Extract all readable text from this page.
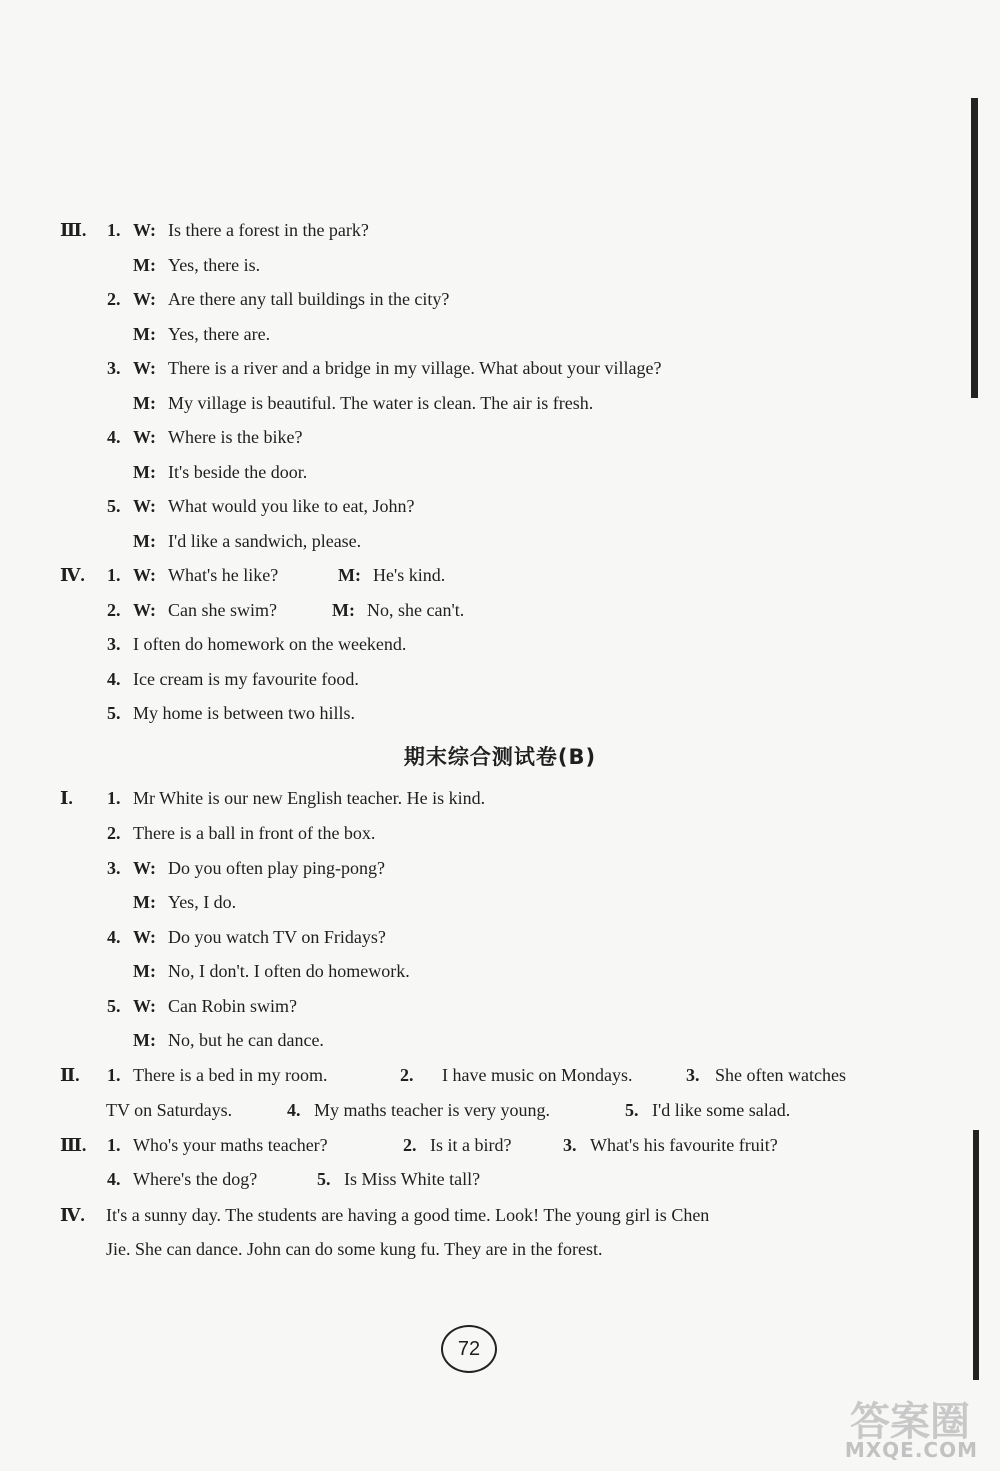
Ⅲ. 1. W: Is there a forest in the park?
M: Yes, there is.
2. W: Are there any tall buildings in the city?
M: Yes, there are.
3. W: There is a river and a bridge in my village. What about your village?
M: My village is beautiful. The water is clean. The air is fresh.
4. W: Where is the bike?
M: It's beside the door.
5. W: What would you like to eat, John?
M: I'd like a sandwich, please.
Ⅳ. 1. W: What's he like?	M: He's kind.
2. W: Can she swim?	M: No, she can't.
3. I often do homework on the weekend.
4. Ice cream is my favourite food.
5. My home is between two hills.
期末综合测试卷(B)
Ⅰ. 1. Mr White is our new English teacher. He is kind.
2. There is a ball in front of the box.
3. W: Do you often play ping-pong?
M: Yes, I do.
4. W: Do you watch TV on Fridays?
M: No, I don't. I often do homework.
5. W: Can Robin swim?
M: No, but he can dance.
Ⅱ. 1. There is a bed in my room.	2. I have music on Mondays.	3. She often watches
TV on Saturdays.	4. My maths teacher is very young.	5. I'd like some salad.
Ⅲ. 1. Who's your maths teacher?	2. Is it a bird?	3. What's his favourite fruit?
4. Where's the dog?	5. Is Miss White tall?
Ⅳ. It's a sunny day. The students are having a good time. Look! The young girl is Chen
Jie. She can dance. John can do some kung fu. They are in the forest.
72
答案圈
MXQE.COM
